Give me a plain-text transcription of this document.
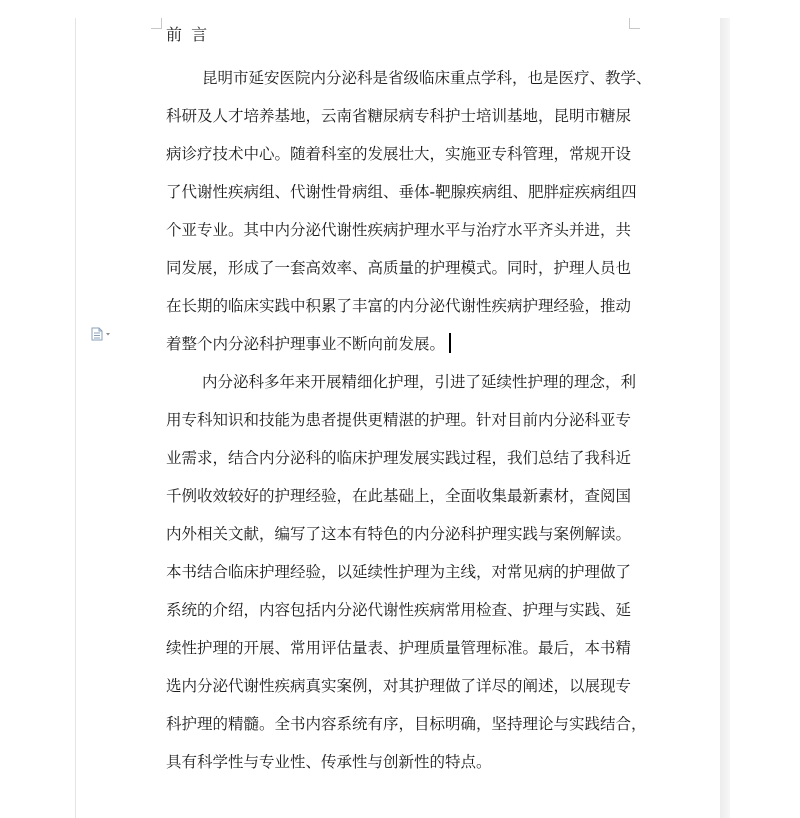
前 言
昆明市延安医院内分泌科是省级临床重点学科，也是医疗、教学、
科研及人才培养基地，云南省糖尿病专科护士培训基地，昆明市糖尿
病诊疗技术中心。随着科室的发展壮大，实施亚专科管理，常规开设
了代谢性疾病组、代谢性骨病组、垂体-靶腺疾病组、肥胖症疾病组四
个亚专业。其中内分泌代谢性疾病护理水平与治疗水平齐头并进，共
同发展，形成了一套高效率、高质量的护理模式。同时，护理人员也
在长期的临床实践中积累了丰富的内分泌代谢性疾病护理经验，推动
着整个内分泌科护理事业不断向前发展。
内分泌科多年来开展精细化护理，引进了延续性护理的理念，利
用专科知识和技能为患者提供更精湛的护理。针对目前内分泌科亚专
业需求，结合内分泌科的临床护理发展实践过程，我们总结了我科近
千例收效较好的护理经验，在此基础上，全面收集最新素材，查阅国
内外相关文献，编写了这本有特色的内分泌科护理实践与案例解读。
本书结合临床护理经验，以延续性护理为主线，对常见病的护理做了
系统的介绍，内容包括内分泌代谢性疾病常用检查、护理与实践、延
续性护理的开展、常用评估量表、护理质量管理标准。最后，本书精
选内分泌代谢性疾病真实案例，对其护理做了详尽的阐述，以展现专
科护理的精髓。全书内容系统有序，目标明确，坚持理论与实践结合，
具有科学性与专业性、传承性与创新性的特点。
